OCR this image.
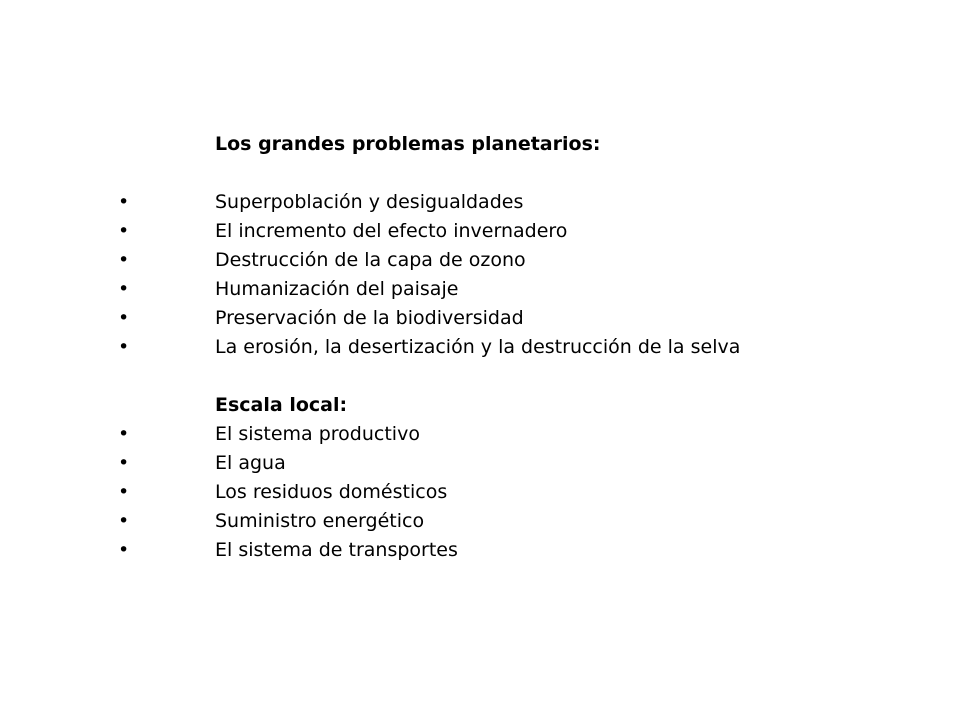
Los grandes problemas planetarios:
•	Superpoblación y desigualdades
•	El incremento del efecto invernadero
•	Destrucción de la capa de ozono
•	Humanización del paisaje
•	Preservación de la biodiversidad
•	La erosión, la desertización y la destrucción de la selva
Escala local:
•	El sistema productivo
•	El agua
•	Los residuos domésticos
•	Suministro energético
•	El sistema de transportes
